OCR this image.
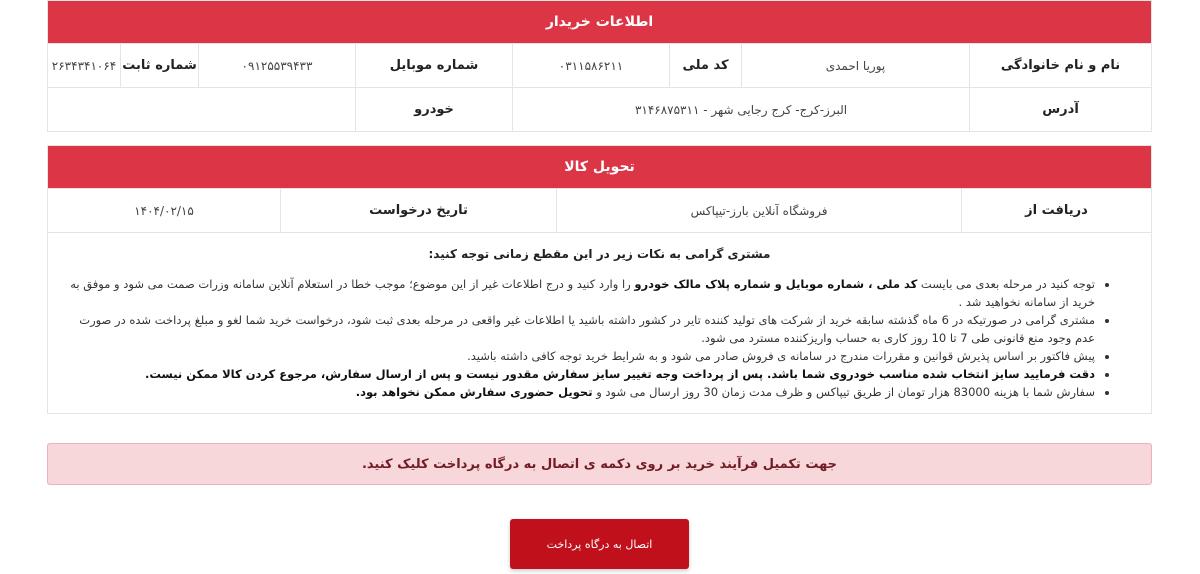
اطلاعات خریدار
نام و نام خانوادگی
پوریا احمدی
کد ملی
۰۳۱۱۵۸۶۲۱۱
شماره موبایل
۰۹۱۲۵۵۳۹۴۳۳
شماره ثابت
۲۶۳۴۳۴۱۰۶۴
آدرس
البرز-کرج- کرج رجایی شهر - ۳۱۴۶۸۷۵۳۱۱
خودرو
تحویل کالا
دریافت از
فروشگاه آنلاین بارز-تیپاکس
تاریخ درخواست
۱۴۰۴/۰۲/۱۵
مشتری گرامی به نکات زیر در این مقطع زمانی توجه کنید:
• توجه کنید در مرحله بعدی می بایست کد ملی ، شماره موبایل و شماره پلاک مالک خودرو را وارد کنید و درج اطلاعات غیر از این موضوع؛ موجب خطا در استعلام آنلاین سامانه وزرات صمت می شود و موفق به خرید از سامانه نخواهید شد .
• مشتری گرامی در صورتیکه در 6 ماه گذشته سابقه خرید از شرکت های تولید کننده تایر در کشور داشته باشید یا اطلاعات غیر واقعی در مرحله بعدی ثبت شود، درخواست خرید شما لغو و مبلغ پرداخت شده در صورت عدم وجود منع قانونی طی 7 تا 10 روز کاری به حساب واریزکننده مسترد می شود.
• پیش فاکتور بر اساس پذیرش قوانین و مقررات مندرج در سامانه ی فروش صادر می شود و به شرایط خرید توجه کافی داشته باشید.
• دقت فرمایید سایز انتخاب شده مناسب خودروی شما باشد. پس از پرداخت وجه تغییر سایز سفارش مقدور نیست و پس از ارسال سفارش، مرجوع کردن کالا ممکن نیست.
• سفارش شما با هزینه 83000 هزار تومان از طریق تیپاکس و ظرف مدت زمان 30 روز ارسال می شود و تحویل حضوری سفارش ممکن نخواهد بود.
جهت تکمیل فرآیند خرید بر روی دکمه ی اتصال به درگاه پرداخت کلیک کنید.
اتصال به درگاه پرداخت
